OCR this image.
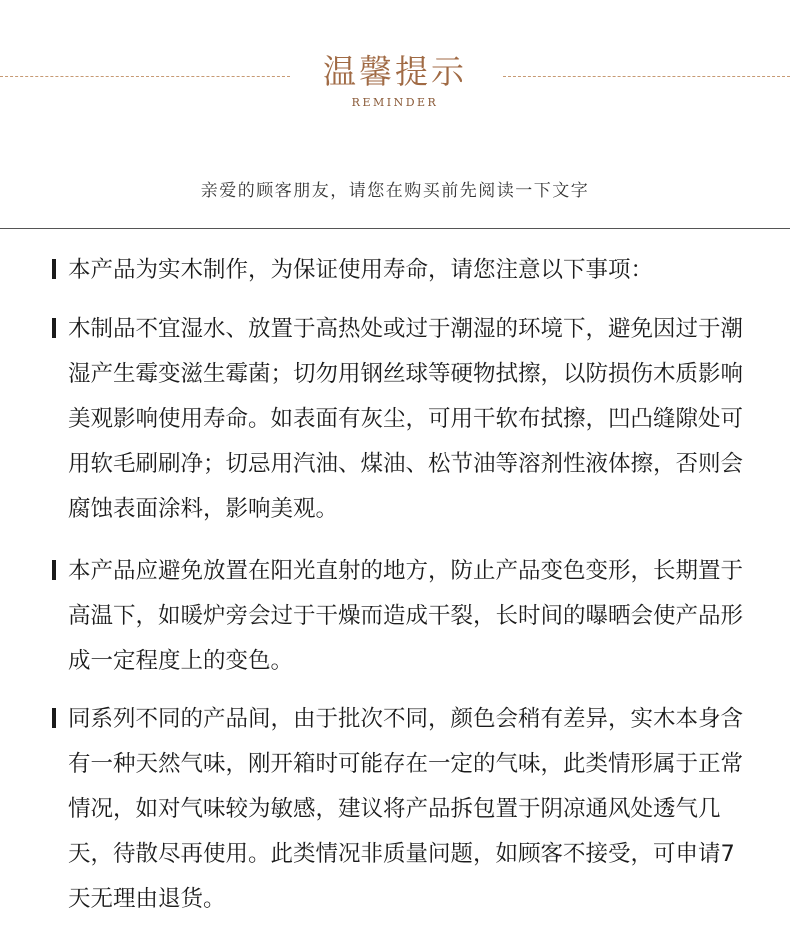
温馨提示
REMINDER
亲爱的顾客朋友，请您在购买前先阅读一下文字

本产品为实木制作，为保证使用寿命，请您注意以下事项：

木制品不宜湿水、放置于高热处或过于潮湿的环境下，避免因过于潮湿产生霉变滋生霉菌；切勿用钢丝球等硬物拭擦，以防损伤木质影响美观影响使用寿命。如表面有灰尘，可用干软布拭擦，凹凸缝隙处可用软毛刷刷净；切忌用汽油、煤油、松节油等溶剂性液体擦，否则会腐蚀表面涂料，影响美观。

本产品应避免放置在阳光直射的地方，防止产品变色变形，长期置于高温下，如暖炉旁会过于干燥而造成干裂，长时间的曝晒会使产品形成一定程度上的变色。

同系列不同的产品间，由于批次不同，颜色会稍有差异，实木本身含有一种天然气味，刚开箱时可能存在一定的气味，此类情形属于正常情况，如对气味较为敏感，建议将产品拆包置于阴凉通风处透气几天，待散尽再使用。此类情况非质量问题，如顾客不接受，可申请7天无理由退货。
